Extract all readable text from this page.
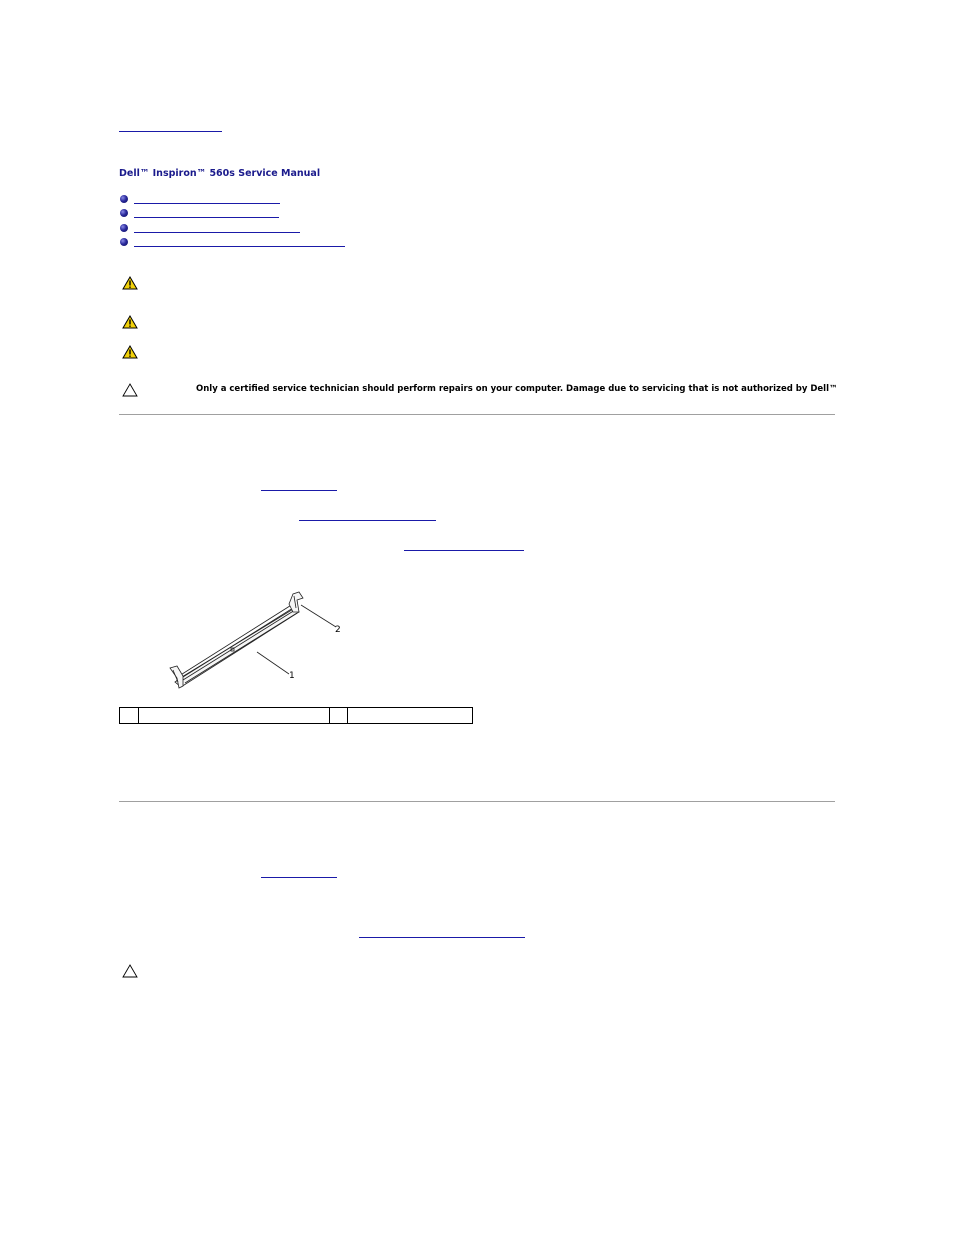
Dell™ Inspiron™ 560s Service Manual
Only a certified service technician should perform repairs on your computer. Damage due to servicing that is not authorized by Dell™
2
1
